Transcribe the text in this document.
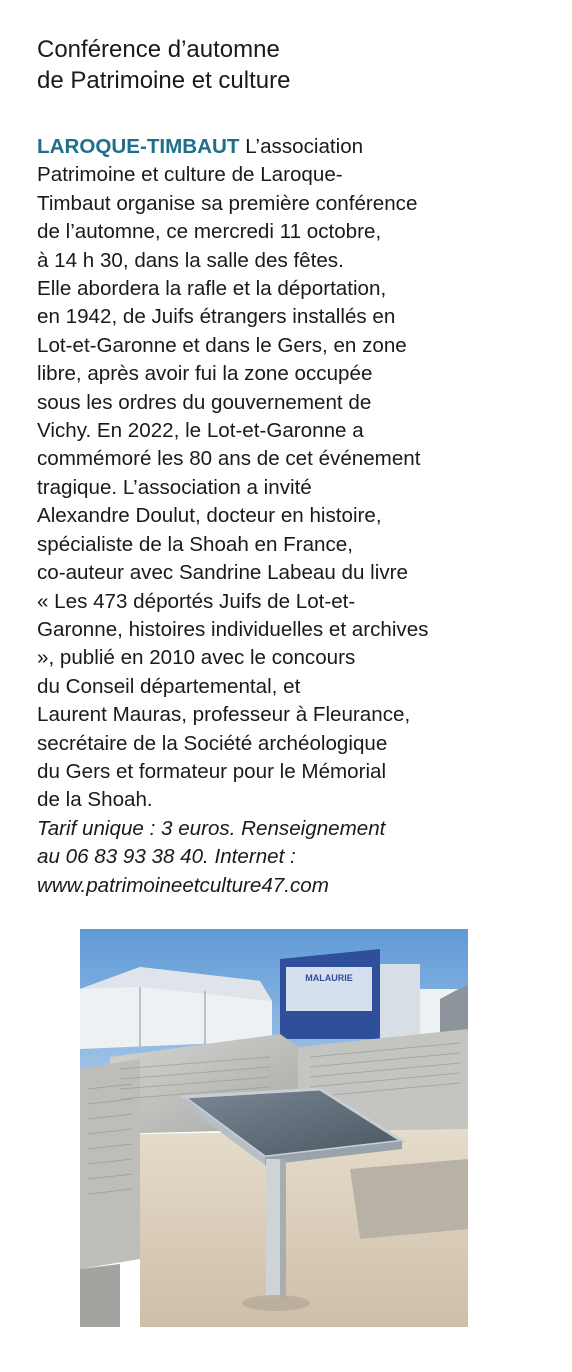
Conférence d’automne
de Patrimoine et culture
LAROQUE-TIMBAUT L’association
Patrimoine et culture de Laroque-
Timbaut organise sa première conférence
de l’automne, ce mercredi 11 octobre,
à 14 h 30, dans la salle des fêtes.
Elle abordera la rafle et la déportation,
en 1942, de Juifs étrangers installés en
Lot-et-Garonne et dans le Gers, en zone
libre, après avoir fui la zone occupée
sous les ordres du gouvernement de
Vichy. En 2022, le Lot-et-Garonne a
commémoré les 80 ans de cet événement
tragique. L’association a invité
Alexandre Doulut, docteur en histoire,
spécialiste de la Shoah en France,
co-auteur avec Sandrine Labeau du livre
« Les 473 déportés Juifs de Lot-et-
Garonne, histoires individuelles et archives
», publié en 2010 avec le concours
du Conseil départemental, et
Laurent Mauras, professeur à Fleurance,
secrétaire de la Société archéologique
du Gers et formateur pour le Mémorial
de la Shoah.
Tarif unique : 3 euros. Renseignement
au 06 83 93 38 40. Internet :
www.patrimoineetculture47.com
MALAURIE
